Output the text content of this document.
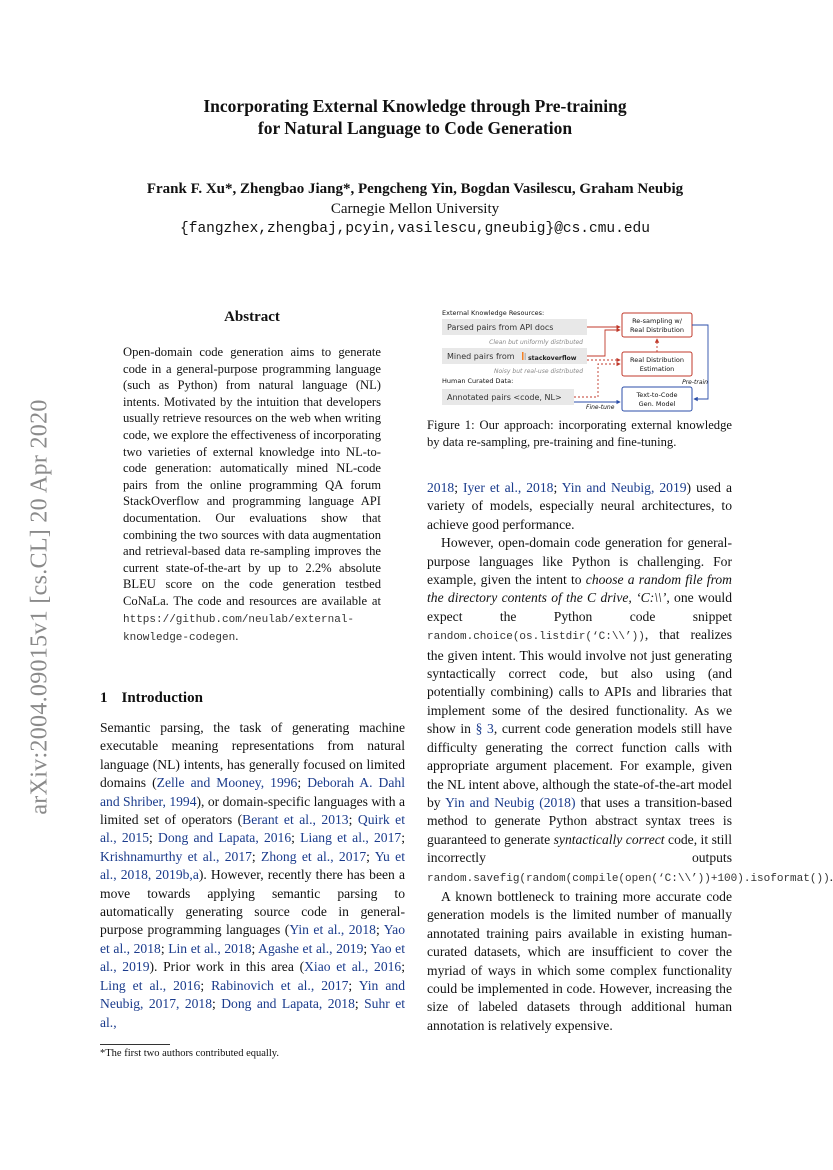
Incorporating External Knowledge through Pre-training
for Natural Language to Code Generation
Frank F. Xu*, Zhengbao Jiang*, Pengcheng Yin, Bogdan Vasilescu, Graham Neubig
Carnegie Mellon University
{fangzhex,zhengbaj,pcyin,vasilescu,gneubig}@cs.cmu.edu
arXiv:2004.09015v1 [cs.CL] 20 Apr 2020
Abstract
Open-domain code generation aims to generate code in a general-purpose programming language (such as Python) from natural language (NL) intents. Motivated by the intuition that developers usually retrieve resources on the web when writing code, we explore the effectiveness of incorporating two varieties of external knowledge into NL-to-code generation: automatically mined NL-code pairs from the online programming QA forum StackOverflow and programming language API documentation. Our evaluations show that combining the two sources with data augmentation and retrieval-based data re-sampling improves the current state-of-the-art by up to 2.2% absolute BLEU score on the code generation testbed CoNaLa. The code and resources are available at https://github.com/neulab/external-knowledge-codegen.
External Knowledge Resources:
Parsed pairs from API docs
Clean but uniformly distributed
Mined pairs from stackoverflow
Noisy but real-use distributed
Human Curated Data:
Annotated pairs <code, NL>
Re-sampling w/
Real Distribution
Real Distribution
Estimation
Text-to-Code
Gen. Model
Pre-train
Fine-tune
Figure 1: Our approach: incorporating external knowledge by data re-sampling, pre-training and fine-tuning.
1 Introduction

Semantic parsing, the task of generating machine executable meaning representations from natural language (NL) intents, has generally focused on limited domains (Zelle and Mooney, 1996; Deborah A. Dahl and Shriber, 1994), or domain-specific languages with a limited set of operators (Berant et al., 2013; Quirk et al., 2015; Dong and Lapata, 2016; Liang et al., 2017; Krishnamurthy et al., 2017; Zhong et al., 2017; Yu et al., 2018, 2019b,a). However, recently there has been a move towards applying semantic parsing to automatically generating source code in general-purpose programming languages (Yin et al., 2018; Yao et al., 2018; Lin et al., 2018; Agashe et al., 2019; Yao et al., 2019). Prior work in this area (Xiao et al., 2016; Ling et al., 2016; Rabinovich et al., 2017; Yin and Neubig, 2017, 2018; Dong and Lapata, 2018; Suhr et al.,

*The first two authors contributed equally.

2018; Iyer et al., 2018; Yin and Neubig, 2019) used a variety of models, especially neural architectures, to achieve good performance.

However, open-domain code generation for general-purpose languages like Python is challenging. For example, given the intent to choose a random file from the directory contents of the C drive, ‘C:\\’, one would expect the Python code snippet random.choice(os.listdir(‘C:\\’)), that realizes the given intent. This would involve not just generating syntactically correct code, but also using (and potentially combining) calls to APIs and libraries that implement some of the desired functionality. As we show in § 3, current code generation models still have difficulty generating the correct function calls with appropriate argument placement. For example, given the NL intent above, although the state-of-the-art model by Yin and Neubig (2018) that uses a transition-based method to generate Python abstract syntax trees is guaranteed to generate syntactically correct code, it still incorrectly outputs random.savefig(random(compile(open(‘C:\\’))+100).isoformat()).

A known bottleneck to training more accurate code generation models is the limited number of manually annotated training pairs available in existing human-curated datasets, which are insufficient to cover the myriad of ways in which some complex functionality could be implemented in code. However, increasing the size of labeled datasets through additional human annotation is relatively expensive.
